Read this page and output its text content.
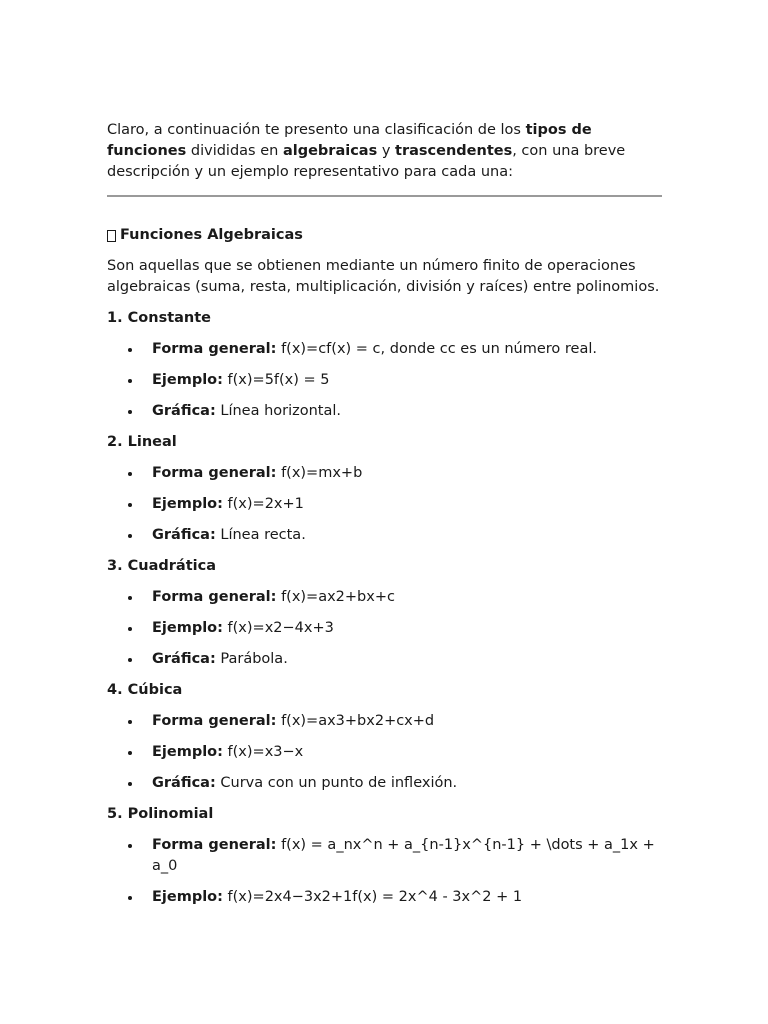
Claro, a continuación te presento una clasificación de los tipos de funciones divididas en algebraicas y trascendentes, con una breve descripción y un ejemplo representativo para cada una:

Funciones Algebraicas
Son aquellas que se obtienen mediante un número finito de operaciones algebraicas (suma, resta, multiplicación, división y raíces) entre polinomios.
1. Constante
Forma general: f(x)=cf(x) = c, donde cc es un número real.
Ejemplo: f(x)=5f(x) = 5
Gráfica: Línea horizontal.
2. Lineal
Forma general: f(x)=mx+b
Ejemplo: f(x)=2x+1
Gráfica: Línea recta.
3. Cuadrática
Forma general: f(x)=ax2+bx+c
Ejemplo: f(x)=x2−4x+3
Gráfica: Parábola.
4. Cúbica
Forma general: f(x)=ax3+bx2+cx+d
Ejemplo: f(x)=x3−x
Gráfica: Curva con un punto de inflexión.
5. Polinomial
Forma general: f(x) = a_nx^n + a_{n-1}x^{n-1} + \dots + a_1x + a_0
Ejemplo: f(x)=2x4−3x2+1f(x) = 2x^4 - 3x^2 + 1
